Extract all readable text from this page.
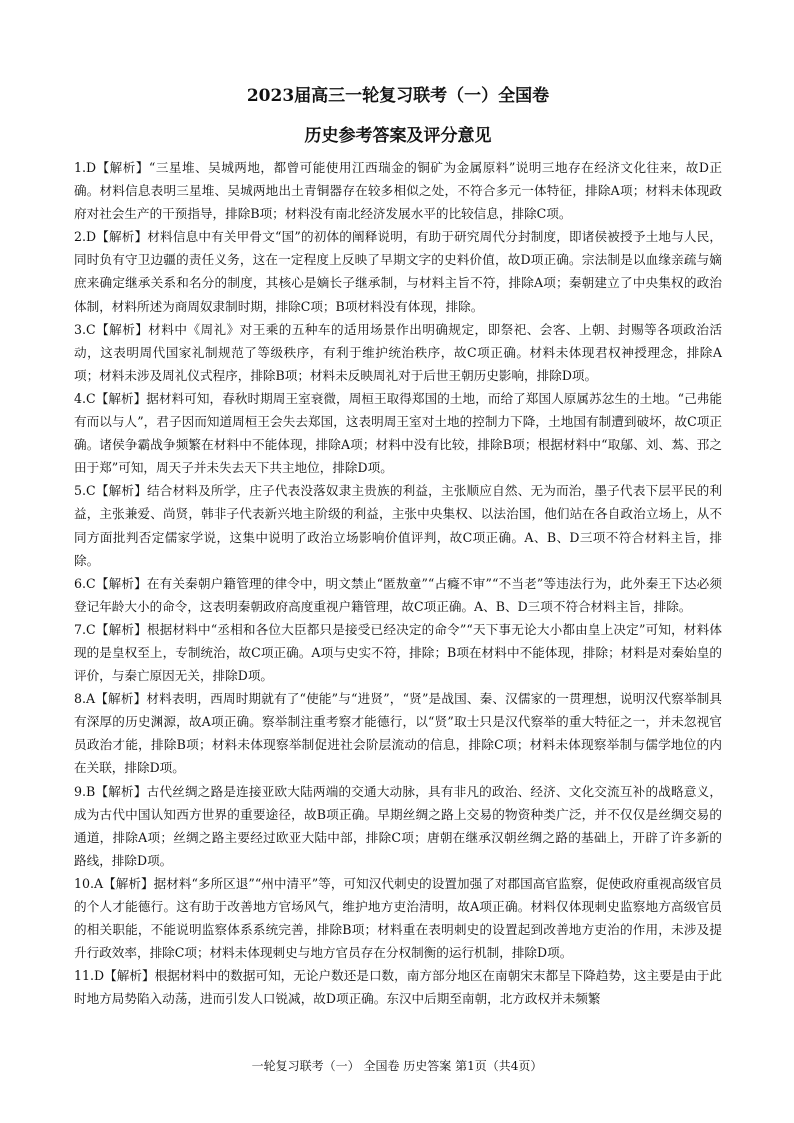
2023届高三一轮复习联考（一）全国卷
历史参考答案及评分意见

1.D【解析】“三星堆、吴城两地，都曾可能使用江西瑞金的铜矿为金属原料”说明三地存在经济文化往来，故D正确。材料信息表明三星堆、吴城两地出土青铜器存在较多相似之处，不符合多元一体特征，排除A项；材料未体现政府对社会生产的干预指导，排除B项；材料没有南北经济发展水平的比较信息，排除C项。

2.D【解析】材料信息中有关甲骨文“国”的初体的阐释说明，有助于研究周代分封制度，即诸侯被授予土地与人民，同时负有守卫边疆的责任义务，这在一定程度上反映了早期文字的史料价值，故D项正确。宗法制是以血缘亲疏与嫡庶来确定继承关系和名分的制度，其核心是嫡长子继承制，与材料主旨不符，排除A项；秦朝建立了中央集权的政治体制，材料所述为商周奴隶制时期，排除C项；B项材料没有体现，排除。

3.C【解析】材料中《周礼》对王乘的五种车的适用场景作出明确规定，即祭祀、会客、上朝、封赐等各项政治活动，这表明周代国家礼制规范了等级秩序，有利于维护统治秩序，故C项正确。材料未体现君权神授理念，排除A项；材料未涉及周礼仪式程序，排除B项；材料未反映周礼对于后世王朝历史影响，排除D项。

4.C【解析】据材料可知，春秋时期周王室衰微，周桓王取得郑国的土地，而给了郑国人原属苏忿生的土地。“己弗能有而以与人”，君子因而知道周桓王会失去郑国，这表明周王室对土地的控制力下降，土地国有制遭到破坏，故C项正确。诸侯争霸战争频繁在材料中不能体现，排除A项；材料中没有比较，排除B项；根据材料中“取鄔、刘、蒍、邘之田于郑”可知，周天子并未失去天下共主地位，排除D项。

5.C【解析】结合材料及所学，庄子代表没落奴隶主贵族的利益，主张顺应自然、无为而治，墨子代表下层平民的利益，主张兼爱、尚贤，韩非子代表新兴地主阶级的利益，主张中央集权、以法治国，他们站在各自政治立场上，从不同方面批判否定儒家学说，这集中说明了政治立场影响价值评判，故C项正确。A、B、D三项不符合材料主旨，排除。

6.C【解析】在有关秦朝户籍管理的律令中，明文禁止“匿敖童”“占癃不审”“不当老”等违法行为，此外秦王下达必须登记年龄大小的命令，这表明秦朝政府高度重视户籍管理，故C项正确。A、B、D三项不符合材料主旨，排除。

7.C【解析】根据材料中“丞相和各位大臣都只是接受已经决定的命令”“天下事无论大小都由皇上决定”可知，材料体现的是皇权至上，专制统治，故C项正确。A项与史实不符，排除；B项在材料中不能体现，排除；材料是对秦始皇的评价，与秦亡原因无关，排除D项。

8.A【解析】材料表明，西周时期就有了“使能”与“进贤”，“贤”是战国、秦、汉儒家的一贯理想，说明汉代察举制具有深厚的历史渊源，故A项正确。察举制注重考察才能德行，以“贤”取士只是汉代察举的重大特征之一，并未忽视官员政治才能，排除B项；材料未体现察举制促进社会阶层流动的信息，排除C项；材料未体现察举制与儒学地位的内在关联，排除D项。

9.B【解析】古代丝绸之路是连接亚欧大陆两端的交通大动脉，具有非凡的政治、经济、文化交流互补的战略意义，成为古代中国认知西方世界的重要途径，故B项正确。早期丝绸之路上交易的物资种类广泛，并不仅仅是丝绸交易的通道，排除A项；丝绸之路主要经过欧亚大陆中部，排除C项；唐朝在继承汉朝丝绸之路的基础上，开辟了许多新的路线，排除D项。

10.A【解析】据材料“多所区退”“州中清平”等，可知汉代刺史的设置加强了对郡国高官监察，促使政府重视高级官员的个人才能德行。这有助于改善地方官场风气，维护地方吏治清明，故A项正确。材料仅体现刺史监察地方高级官员的相关职能，不能说明监察体系系统完善，排除B项；材料重在表明刺史的设置起到改善地方吏治的作用，未涉及提升行政效率，排除C项；材料未体现刺史与地方官员存在分权制衡的运行机制，排除D项。

11.D【解析】根据材料中的数据可知，无论户数还是口数，南方部分地区在南朝宋末都呈下降趋势，这主要是由于此时地方局势陷入动荡，进而引发人口锐减，故D项正确。东汉中后期至南朝，北方政权并未频繁

一轮复习联考（一） 全国卷 历史答案 第1页（共4页）
